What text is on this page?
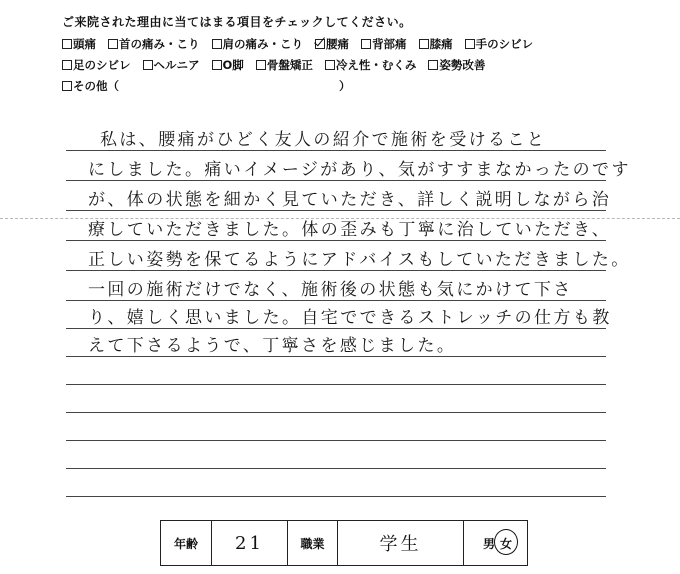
ご来院された理由に当てはまる項目をチェックしてください。
頭痛 首の痛み・こり 肩の痛み・こり 腰痛 背部痛 膝痛 手のシビレ
足のシビレ ヘルニア O脚 骨盤矯正 冷え性・むくみ 姿勢改善
その他（	）
私は、腰痛がひどく友人の紹介で施術を受けること
にしました。痛いイメージがあり、気がすすまなかったのです
が、体の状態を細かく見ていただき、詳しく説明しながら治
療していただきました。体の歪みも丁寧に治していただき、
正しい姿勢を保てるようにアドバイスもしていただきました。
一回の施術だけでなく、施術後の状態も気にかけて下さ
り、嬉しく思いました。自宅でできるストレッチの仕方も教
えて下さるようで、丁寧さを感じました。
年齢	21	職業	学生	男 女
